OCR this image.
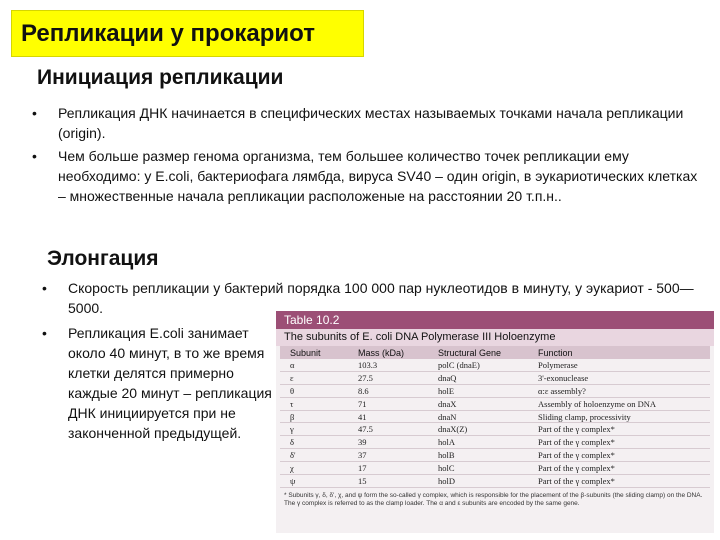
Репликации у прокариот
Инициация репликации
• Репликация ДНК начинается в специфических местах называемых точками начала репликации (origin).
• Чем больше размер генома организма, тем большее количество точек репликации ему необходимо: у E.coli, бактериофага лямбда, вируса SV40 – один origin, в эукариотических клетках – множественные начала репликации расположеные на расстоянии 20 т.п.н..
Элонгация
• Скорость репликации у бактерий порядка 100 000 пар нуклеотидов в минуту, у эукариот - 500—5000.
• Репликация E.coli занимает около 40 минут, в то же время клетки делятся примерно каждые 20 минут – репликация ДНК инициируется при не законченной предыдущей.
Table 10.2
The subunits of E. coli DNA Polymerase III Holoenzyme
Subunit	Mass (kDa)	Structural Gene	Function
α	103.3	polC (dnaE)	Polymerase
ε	27.5	dnaQ	3'-exonuclease
θ	8.6	holE	α:ε assembly?
τ	71	dnaX	Assembly of holoenzyme on DNA
β	41	dnaN	Sliding clamp, processivity
γ	47.5	dnaX(Z)	Part of the γ complex*
δ	39	holA	Part of the γ complex*
δ'	37	holB	Part of the γ complex*
χ	17	holC	Part of the γ complex*
ψ	15	holD	Part of the γ complex*
* Subunits γ, δ, δ', χ, and ψ form the so-called γ complex, which is responsible for the placement of the β-subunits (the sliding clamp) on the DNA. The γ complex is referred to as the clamp loader. The α and ε subunits are encoded by the same gene.
